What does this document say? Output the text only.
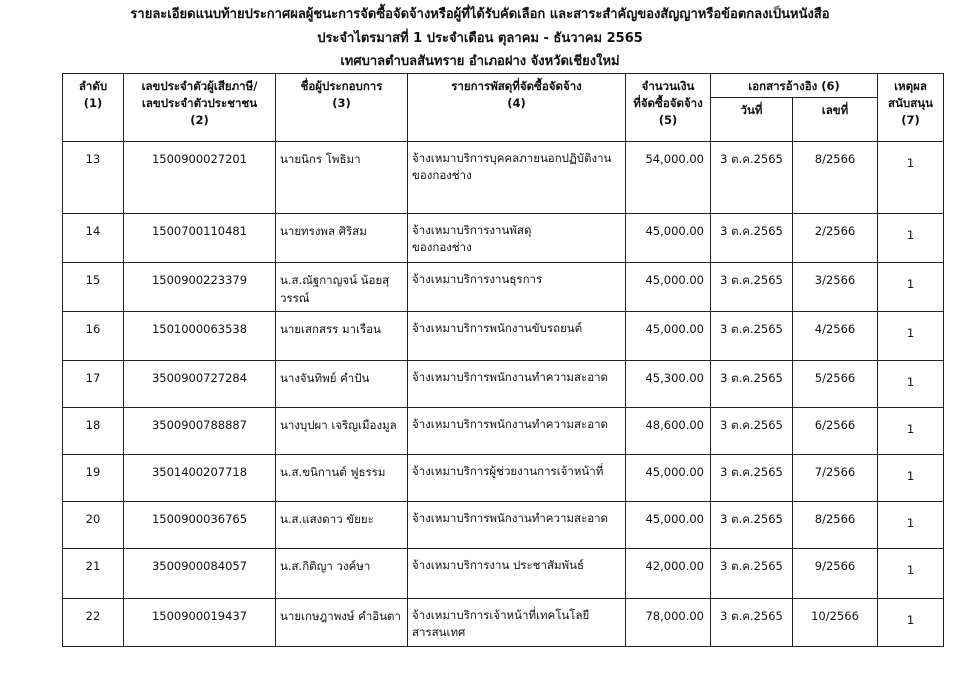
รายละเอียดแนบท้ายประกาศผลผู้ชนะการจัดซื้อจัดจ้างหรือผู้ที่ได้รับคัดเลือก และสาระสำคัญของสัญญาหรือข้อตกลงเป็นหนังสือ
ประจำไตรมาสที่ 1 ประจำเดือน ตุลาคม - ธันวาคม 2565
เทศบาลตำบลสันทราย อำเภอฝาง จังหวัดเชียงใหม่
ลำดับ
(1)	เลขประจำตัวผู้เสียภาษี/
เลขประจำตัวประชาชน
(2)	ชื่อผู้ประกอบการ
(3)	รายการพัสดุที่จัดซื้อจัดจ้าง
(4)	จำนวนเงิน
ที่จัดซื้อจัดจ้าง
(5)	เอกสารอ้างอิง (6)		เหตุผลสนับสนุน
(7)

					วันที่	เลขที่	
13	1500900027201	นายนิกร โพธิมา	จ้างเหมาบริการบุคคลภายนอกปฏิบัติงาน
ของกองช่าง	54,000.00	3 ต.ค.2565	8/2566	1
14	1500700110481	นายทรงพล ศิริสม	จ้างเหมาบริการงานพัสดุ
ของกองช่าง	45,000.00	3 ต.ค.2565	2/2566	1
15	1500900223379	น.ส.ณัฐกาญจน์ น้อยสุวรรณ์	จ้างเหมาบริการงานธุรการ	45,000.00	3 ต.ค.2565	3/2566	1
16	1501000063538	นายเสกสรร มาเรือน	จ้างเหมาบริการพนักงานขับรถยนต์	45,000.00	3 ต.ค.2565	4/2566	1
17	3500900727284	นางจันทิพย์ คำปัน	จ้างเหมาบริการพนักงานทำความสะอาด	45,300.00	3 ต.ค.2565	5/2566	1
18	3500900788887	นางบุปผา เจริญเมืองมูล	จ้างเหมาบริการพนักงานทำความสะอาด	48,600.00	3 ต.ค.2565	6/2566	1
19	3501400207718	น.ส.ขนิกานต์ ฟูธรรม	จ้างเหมาบริการผู้ช่วยงานการเจ้าหน้าที่	45,000.00	3 ต.ค.2565	7/2566	1
20	1500900036765	น.ส.แสงดาว ขัยยะ	จ้างเหมาบริการพนักงานทำความสะอาด	45,000.00	3 ต.ค.2565	8/2566	1
21	3500900084057	น.ส.กิติญา วงค์ษา	จ้างเหมาบริการงาน ประชาสัมพันธ์	42,000.00	3 ต.ค.2565	9/2566	1
22	1500900019437	นายเกษฎาพงษ์ คำอินตา	จ้างเหมาบริการเจ้าหน้าที่เทคโนโลยี
สารสนเทศ	78,000.00	3 ต.ค.2565	10/2566	1
